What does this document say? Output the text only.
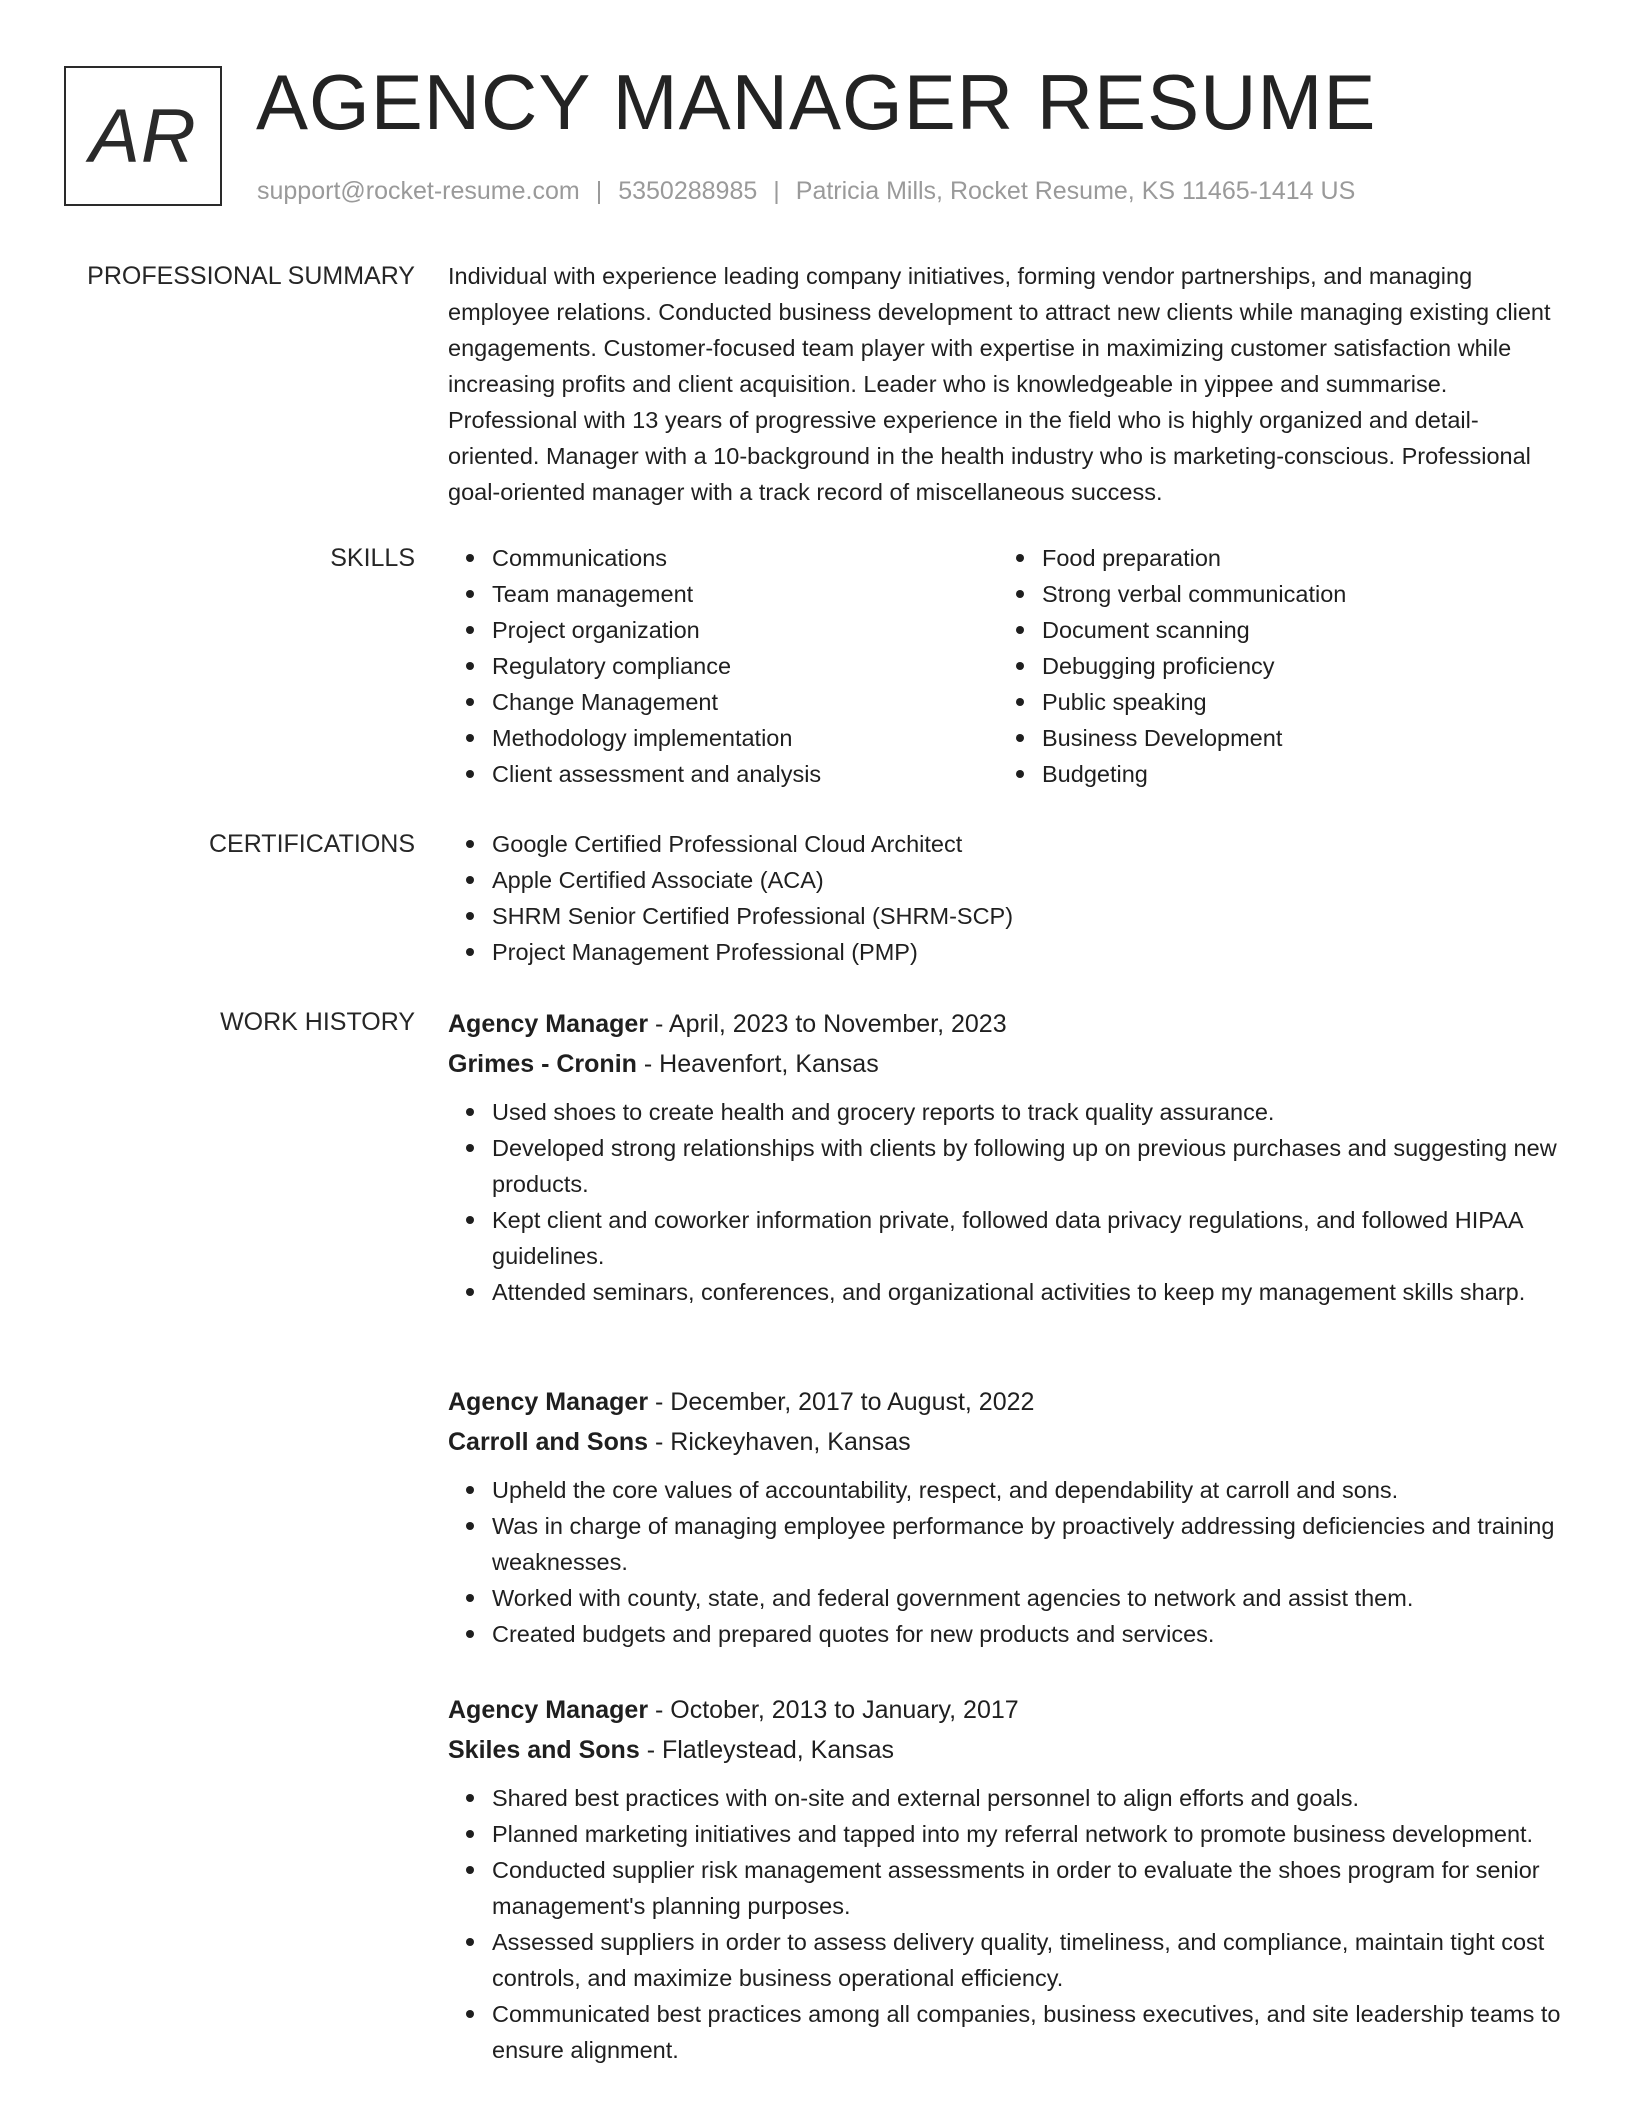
AR AGENCY MANAGER RESUME
support@rocket-resume.com | 5350288985 | Patricia Mills, Rocket Resume, KS 11465-1414 US
PROFESSIONAL SUMMARY Individual with experience leading company initiatives, forming vendor partnerships, and managing employee relations. Conducted business development to attract new clients while managing existing client engagements. Customer-focused team player with expertise in maximizing customer satisfaction while increasing profits and client acquisition. Leader who is knowledgeable in yippee and summarise. Professional with 13 years of progressive experience in the field who is highly organized and detail-oriented. Manager with a 10-background in the health industry who is marketing-conscious. Professional goal-oriented manager with a track record of miscellaneous success.

SKILLS	Communications
Team management
Project organization
Regulatory compliance
Change Management
Methodology implementation
Client assessment and analysis
Food preparation
Strong verbal communication
Document scanning
Debugging proficiency
Public speaking
Business Development
Budgeting
CERTIFICATIONS	Google Certified Professional Cloud Architect
Apple Certified Associate (ACA)
SHRM Senior Certified Professional (SHRM-SCP)
Project Management Professional (PMP)
WORK HISTORY Agency Manager - April, 2023 to November, 2023
Grimes - Cronin - Heavenfort, Kansas
Used shoes to create health and grocery reports to track quality assurance.
Developed strong relationships with clients by following up on previous purchases and suggesting new products.
Kept client and coworker information private, followed data privacy regulations, and followed HIPAA guidelines.
Attended seminars, conferences, and organizational activities to keep my management skills sharp.
Agency Manager - December, 2017 to August, 2022
Carroll and Sons - Rickeyhaven, Kansas
Upheld the core values of accountability, respect, and dependability at carroll and sons.
Was in charge of managing employee performance by proactively addressing deficiencies and training weaknesses.
Worked with county, state, and federal government agencies to network and assist them.
Created budgets and prepared quotes for new products and services.
Agency Manager - October, 2013 to January, 2017
Skiles and Sons - Flatleystead, Kansas
Shared best practices with on-site and external personnel to align efforts and goals.
Planned marketing initiatives and tapped into my referral network to promote business development.
Conducted supplier risk management assessments in order to evaluate the shoes program for senior management's planning purposes.
Assessed suppliers in order to assess delivery quality, timeliness, and compliance, maintain tight cost controls, and maximize business operational efficiency.
Communicated best practices among all companies, business executives, and site leadership teams to ensure alignment.
